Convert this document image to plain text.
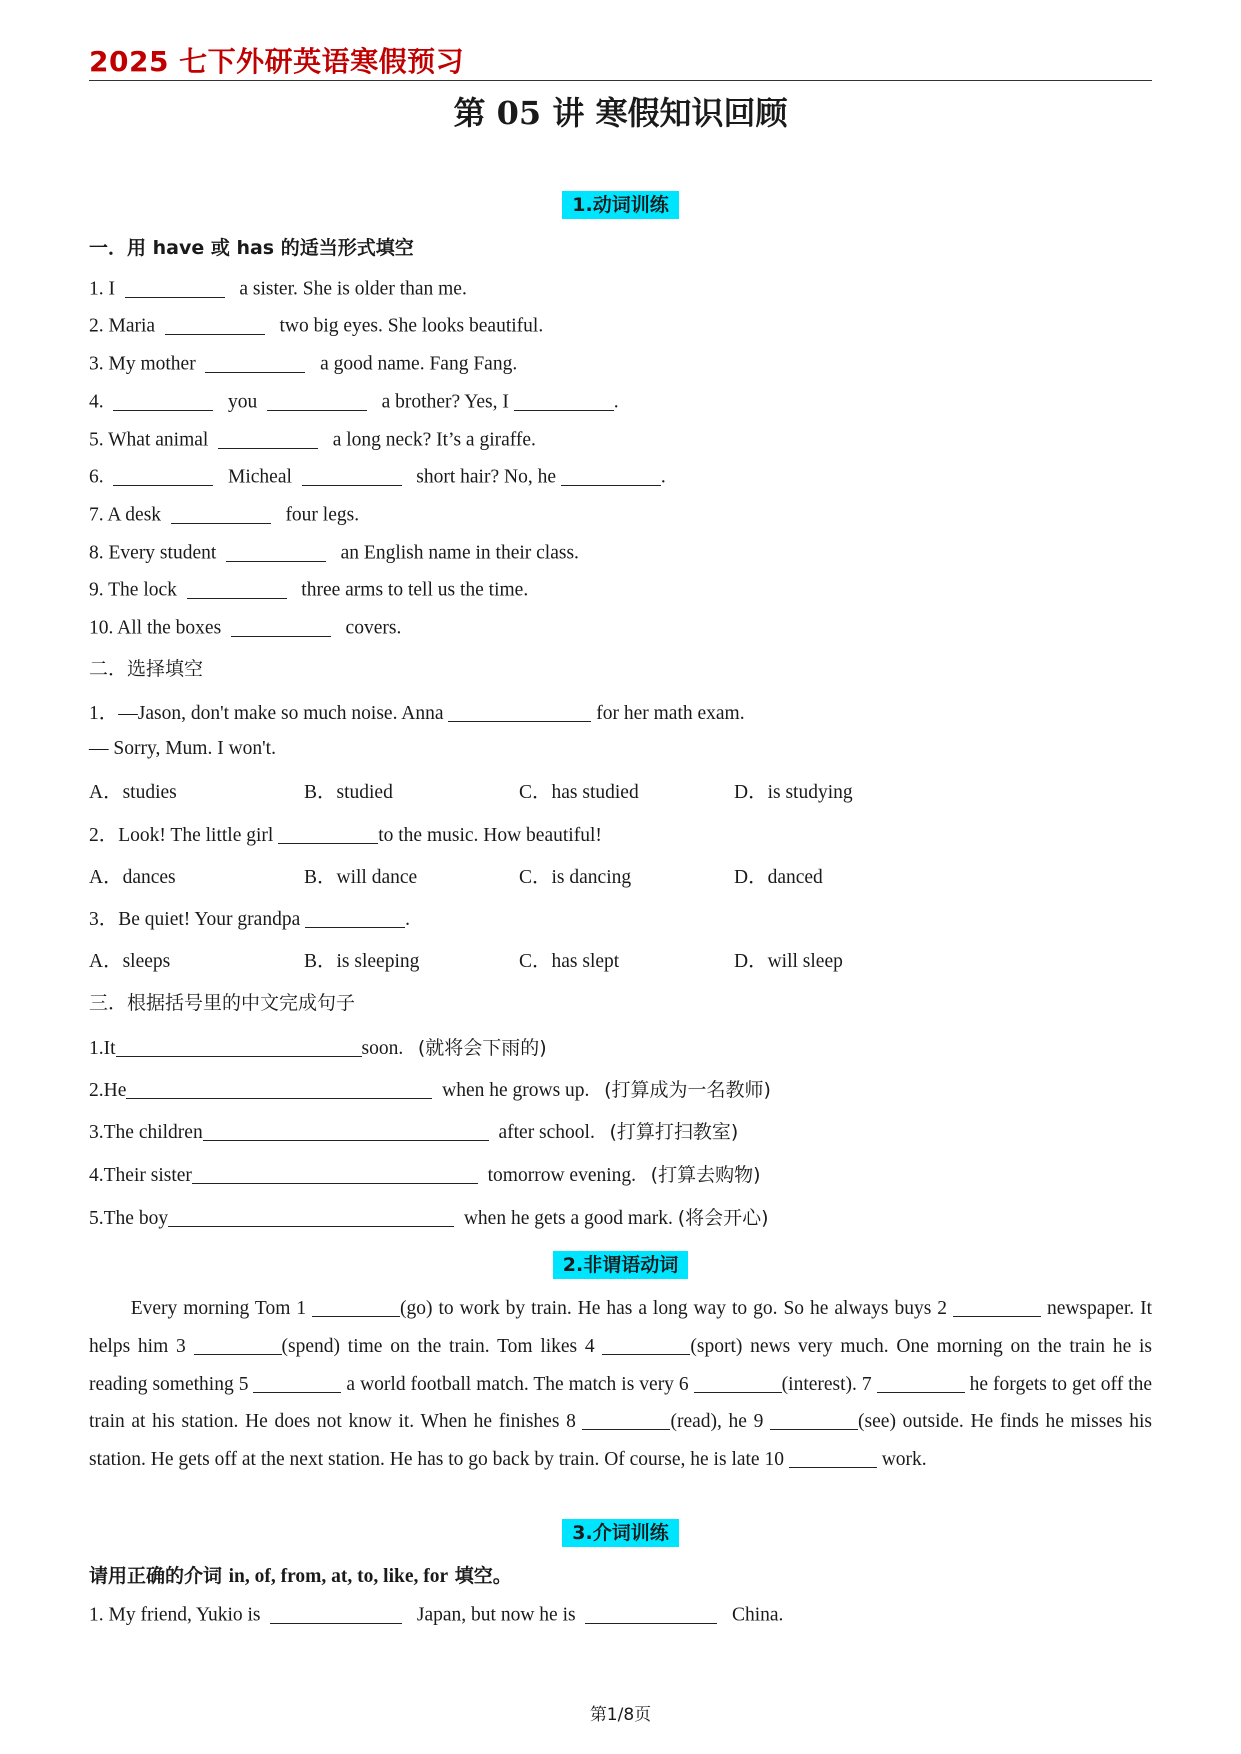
2025 七下外研英语寒假预习
第 05 讲 寒假知识回顾
1.动词训练
一．用 have 或 has 的适当形式填空
1. I	a sister. She is older than me.
2. Maria	two big eyes. She looks beautiful.
3. My mother	a good name. Fang Fang.
4.	you	a brother? Yes, I	.
5. What animal	a long neck? It’s a giraffe.
6.	Micheal	short hair? No, he	.
7. A desk	four legs.
8. Every student	an English name in their class.
9. The lock	three arms to tell us the time.
10. All the boxes	covers.
二．选择填空
1．—Jason, don't make so much noise. Anna	for her math exam.
— Sorry, Mum. I won't.
A．studies	B．studied	C．has studied	D．is studying
2．Look! The little girl	to the music. How beautiful!
A．dances	B．will dance	C．is dancing	D．danced
3．Be quiet! Your grandpa	.
A．sleeps	B．is sleeping	C．has slept	D．will sleep
三．根据括号里的中文完成句子
1.It	soon. (就将会下雨的)
2.He	when he grows up. (打算成为一名教师)
3.The children	after school. (打算打扫教室)
4.Their sister	tomorrow evening. (打算去购物)
5.The boy	when he gets a good mark. (将会开心)
2.非谓语动词
Every morning Tom 1	(go) to work by train. He has a long way to go. So he always buys 2	newspaper. It helps him 3	(spend) time on the train. Tom likes 4	(sport) news very much. One morning on the train he is reading something 5	a world football match. The match is very 6	(interest). 7	he forgets to get off the train at his station. He does not know it. When he finishes 8	(read), he 9	(see) outside. He finds he misses his station. He gets off at the next station. He has to go back by train. Of course, he is late 10	work.
3.介词训练
请用正确的介词 in, of, from, at, to, like, for 填空。
1. My friend, Yukio is	Japan, but now he is	China.
第1/8页
